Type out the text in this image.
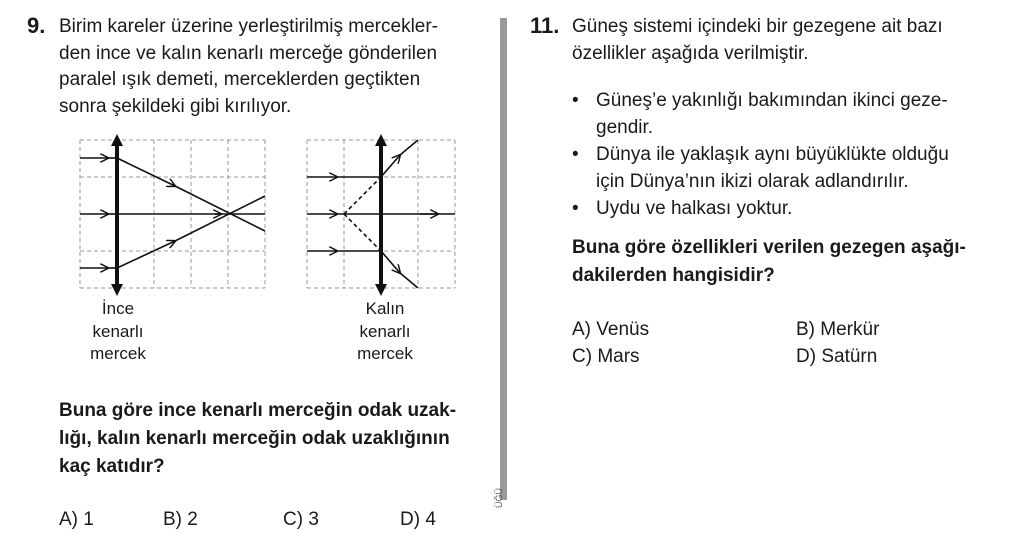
9. Birim kareler üzerine yerleştirilmiş mercekler-
den ince ve kalın kenarlı merceğe gönderilen
paralel ışık demeti, merceklerden geçtikten
sonra şekildeki gibi kırılıyor.
İnce
kenarlı
mercek
Kalın
kenarlı
mercek
Buna göre ince kenarlı merceğin odak uzak-
lığı, kalın kenarlı merceğin odak uzaklığının
kaç katıdır?
A) 1	B) 2	C) 3	D) 4
ÜĞÜ
11. Güneş sistemi içindeki bir gezegene ait bazı
özellikler aşağıda verilmiştir.
• Güneş’e yakınlığı bakımından ikinci geze-
gendir.
• Dünya ile yaklaşık aynı büyüklükte olduğu
için Dünya’nın ikizi olarak adlandırılır.
• Uydu ve halkası yoktur.
Buna göre özellikleri verilen gezegen aşağı-
dakilerden hangisidir?
A) Venüs	B) Merkür
C) Mars	D) Satürn
